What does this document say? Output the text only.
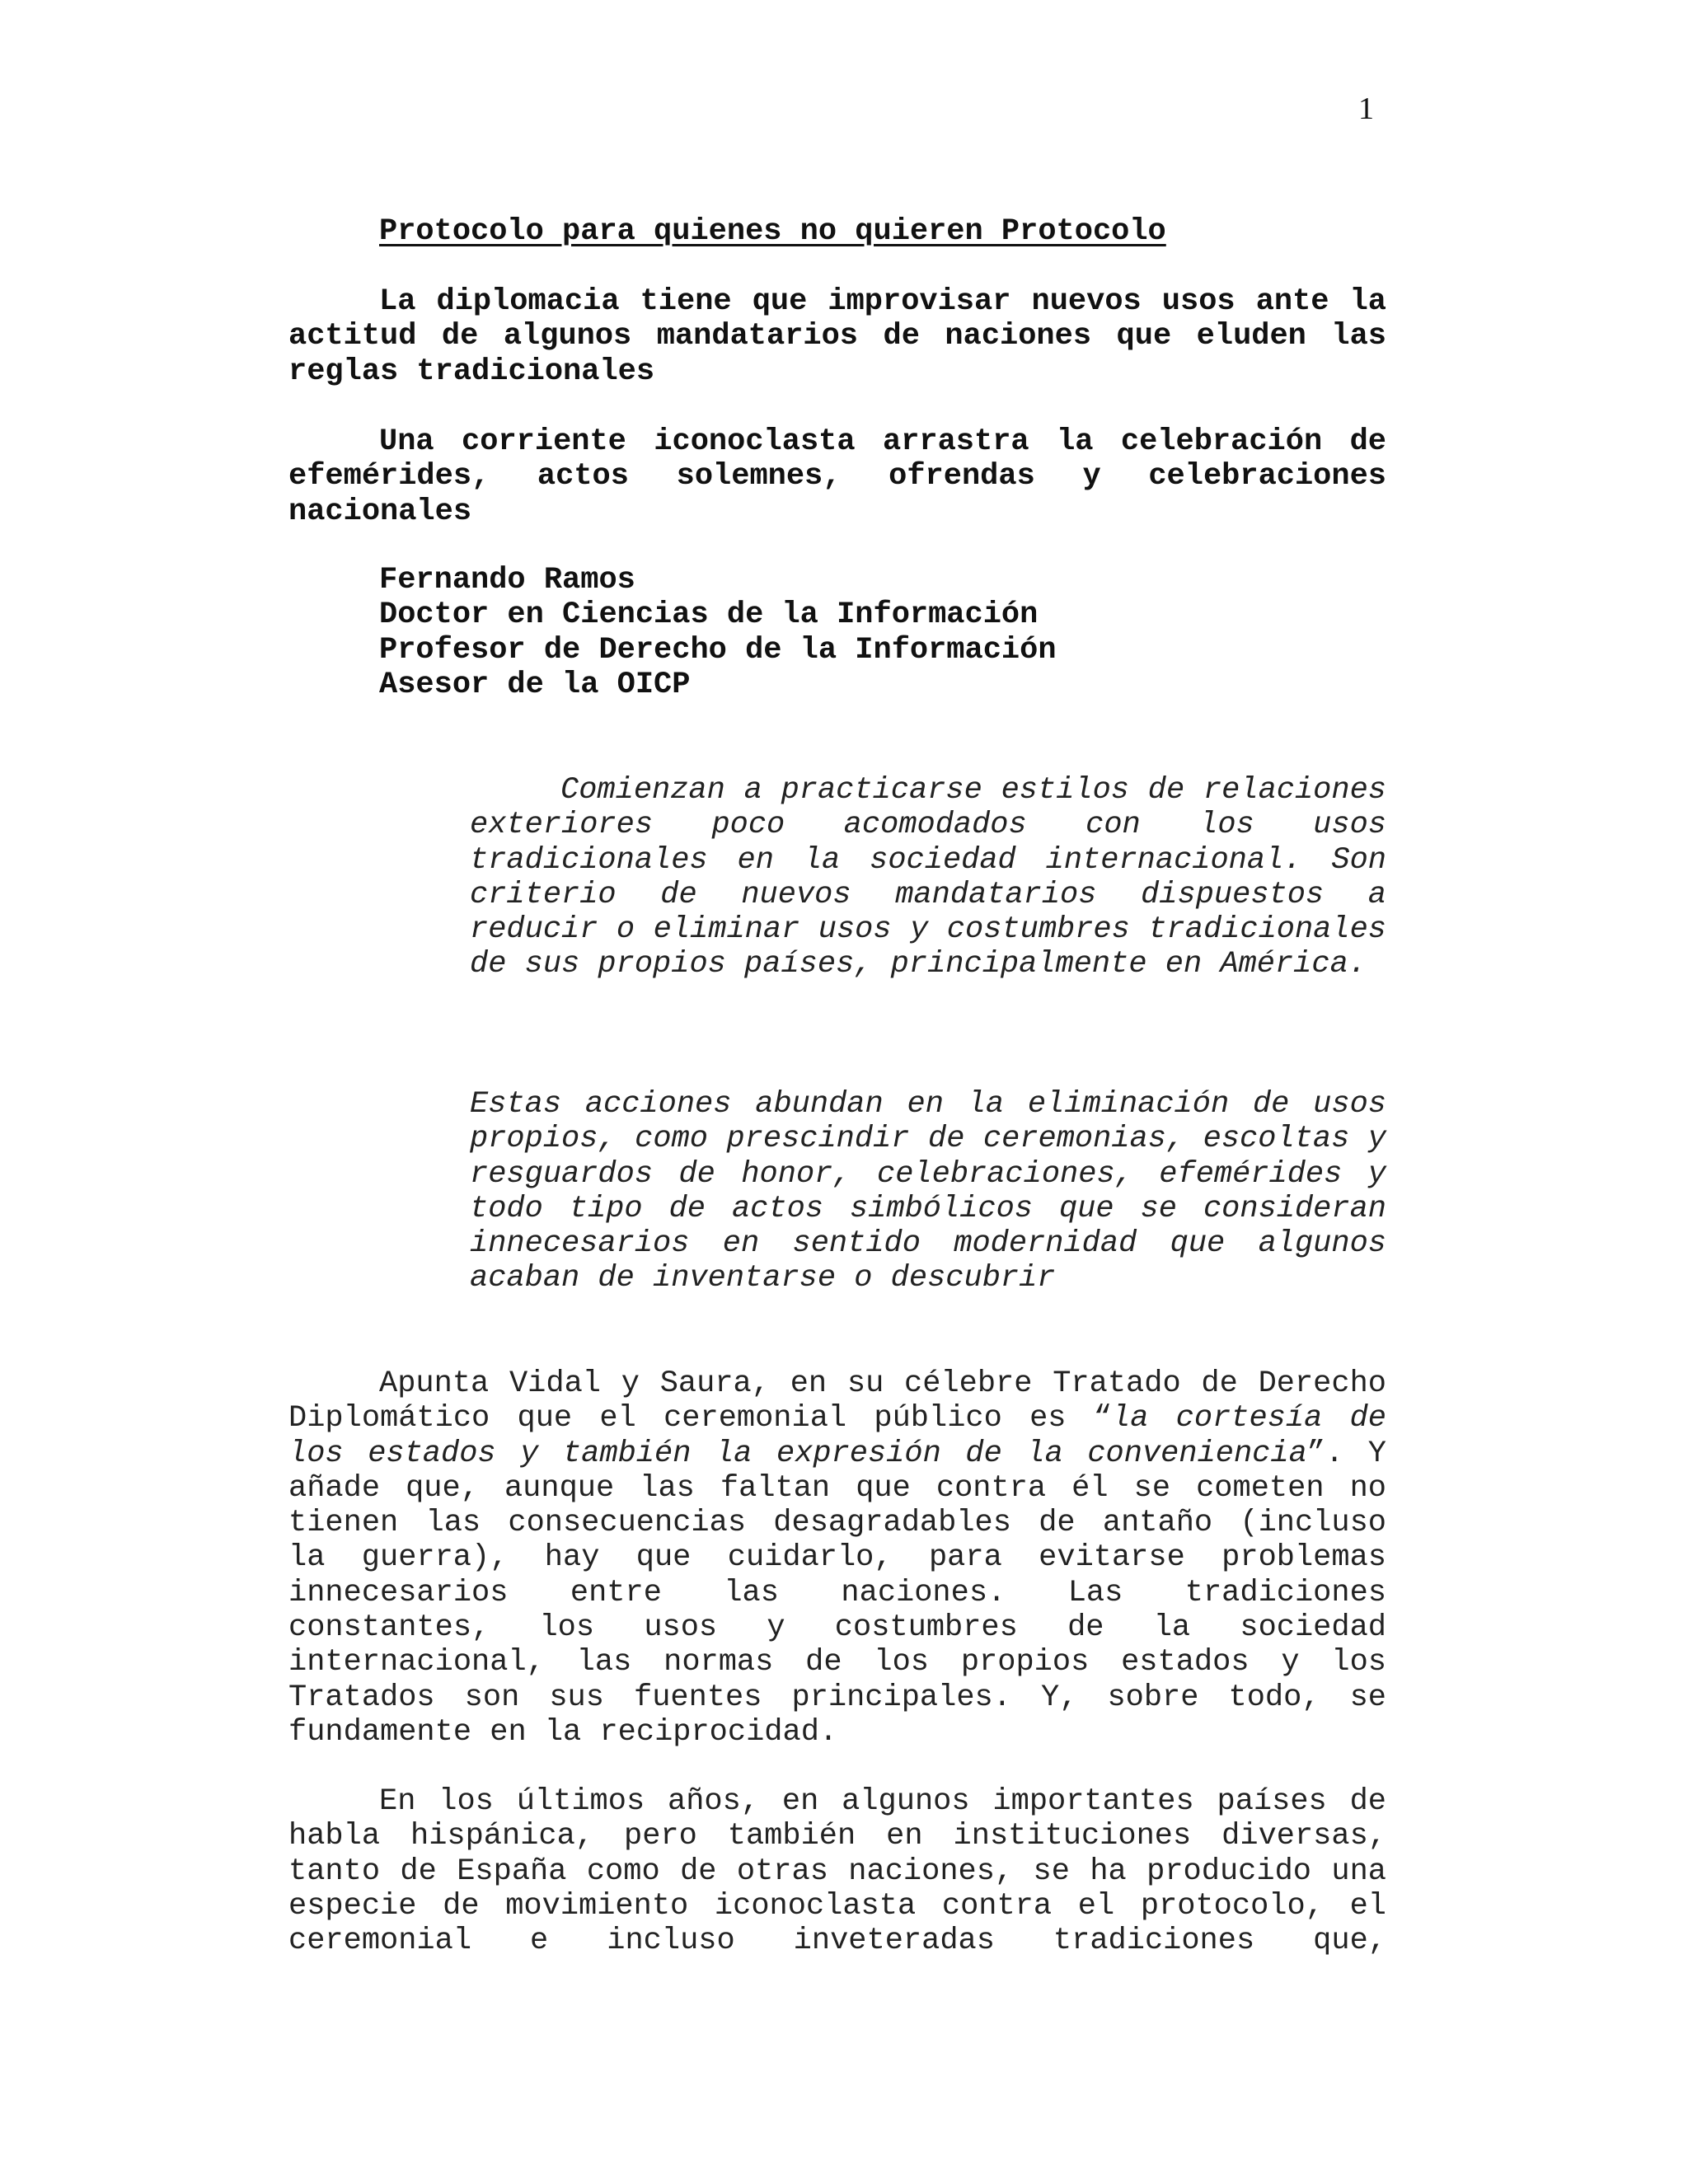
1
Protocolo para quienes no quieren Protocolo
La diplomacia tiene que improvisar nuevos usos ante la actitud de algunos mandatarios de naciones que eluden las reglas tradicionales
Una corriente iconoclasta arrastra la celebración de efemérides, actos solemnes, ofrendas y celebraciones nacionales
Fernando Ramos
Doctor en Ciencias de la Información
Profesor de Derecho de la Información
Asesor de la OICP
Comienzan a practicarse estilos de relaciones exteriores poco acomodados con los usos tradicionales en la sociedad internacional. Son criterio de nuevos mandatarios dispuestos a reducir o eliminar usos y costumbres tradicionales de sus propios países, principalmente en América.
Estas acciones abundan en la eliminación de usos propios, como prescindir de ceremonias, escoltas y resguardos de honor, celebraciones, efemérides y todo tipo de actos simbólicos que se consideran innecesarios en sentido modernidad que algunos acaban de inventarse o descubrir
Apunta Vidal y Saura, en su célebre Tratado de Derecho Diplomático que el ceremonial público es “la cortesía de los estados y también la expresión de la conveniencia”. Y añade que, aunque las faltan que contra él se cometen no tienen las consecuencias desagradables de antaño (incluso la guerra), hay que cuidarlo, para evitarse problemas innecesarios entre las naciones. Las tradiciones constantes, los usos y costumbres de la sociedad internacional, las normas de los propios estados y los Tratados son sus fuentes principales. Y, sobre todo, se fundamente en la reciprocidad.
En los últimos años, en algunos importantes países de habla hispánica, pero también en instituciones diversas, tanto de España como de otras naciones, se ha producido una especie de movimiento iconoclasta contra el protocolo, el ceremonial e incluso inveteradas tradiciones que,
